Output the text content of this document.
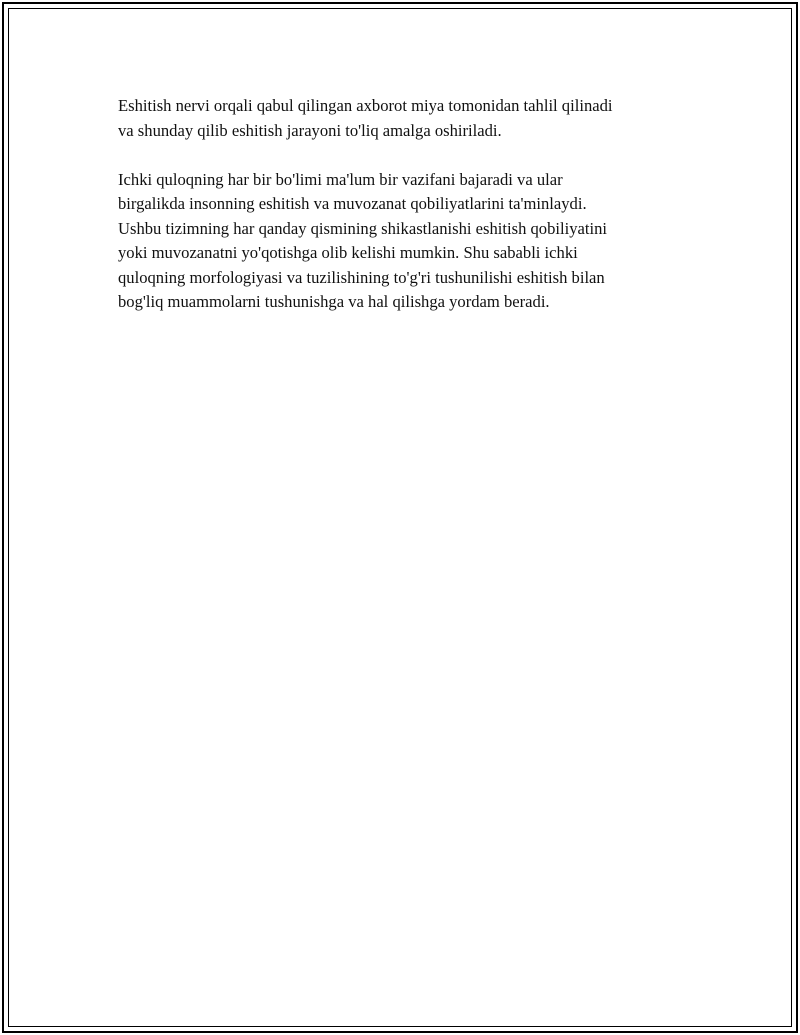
Eshitish nervi orqali qabul qilingan axborot miya tomonidan tahlil qilinadi
va shunday qilib eshitish jarayoni to'liq amalga oshiriladi.

Ichki quloqning har bir bo'limi ma'lum bir vazifani bajaradi va ular
birgalikda insonning eshitish va muvozanat qobiliyatlarini ta'minlaydi.
Ushbu tizimning har qanday qismining shikastlanishi eshitish qobiliyatini
yoki muvozanatni yo'qotishga olib kelishi mumkin. Shu sababli ichki
quloqning morfologiyasi va tuzilishining to'g'ri tushunilishi eshitish bilan
bog'liq muammolarni tushunishga va hal qilishga yordam beradi.
